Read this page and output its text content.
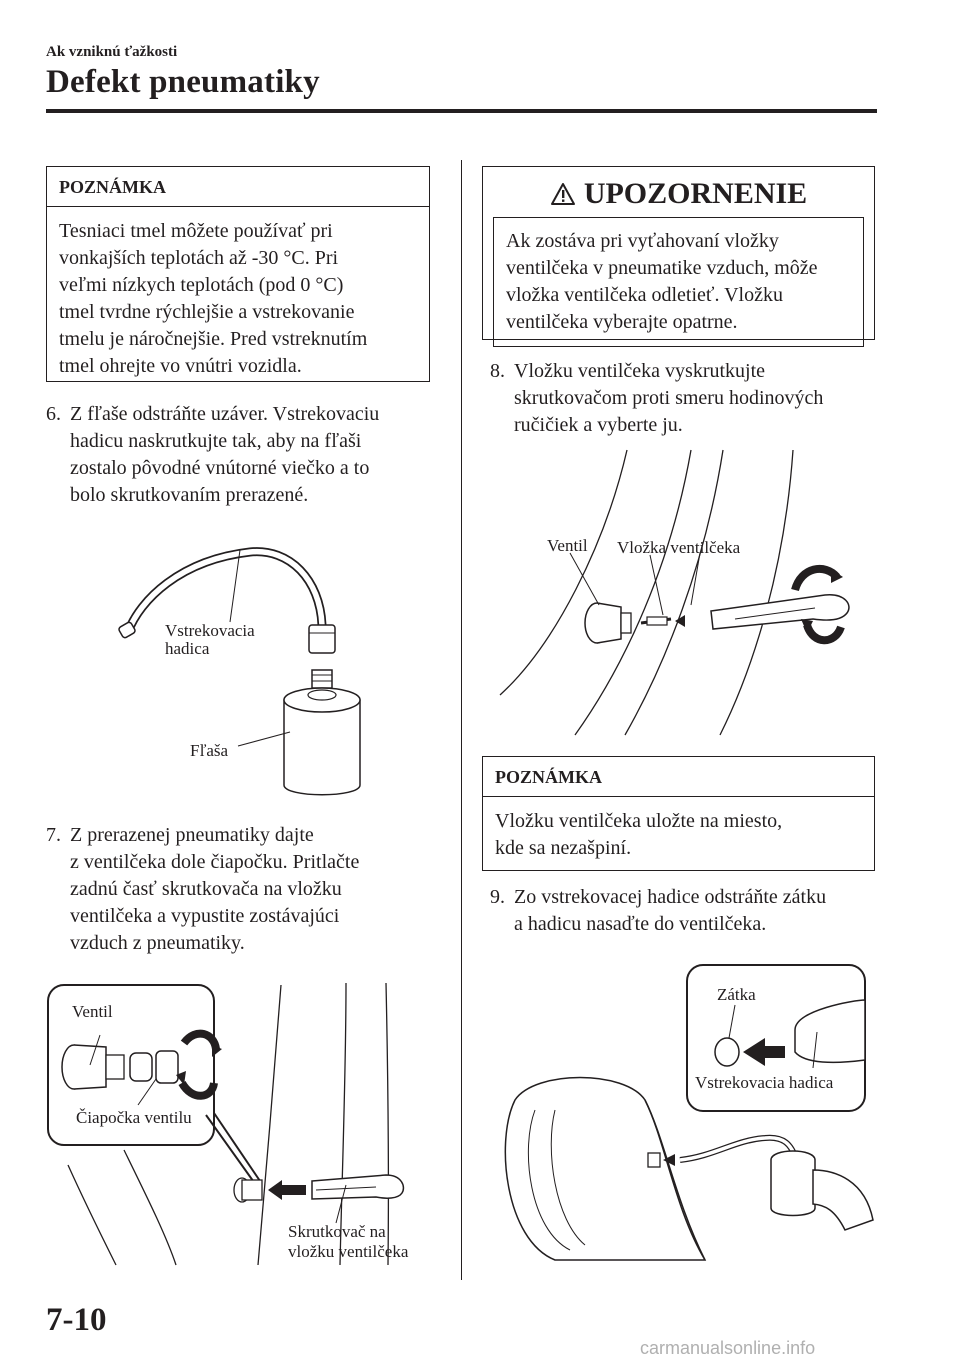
Ak vzniknú ťažkosti
Defekt pneumatiky
POZNÁMKA
Tesniaci tmel môžete používať pri
vonkajších teplotách až -30 °C. Pri
veľmi nízkych teplotách (pod 0 °C)
tmel tvrdne rýchlejšie a vstrekovanie
tmelu je náročnejšie. Pred vstreknutím
tmel ohrejte vo vnútri vozidla.
6. Z fľaše odstráňte uzáver. Vstrekovaciu
hadicu naskrutkujte tak, aby na fľaši
zostalo pôvodné vnútorné viečko a to
bolo skrutkovaním prerazené.
Vstrekovacia
hadica
Fľaša
7. Z prerazenej pneumatiky dajte
z ventilčeka dole čiapočku. Pritlačte
zadnú časť skrutkovača na vložku
ventilčeka a vypustite zostávajúci
vzduch z pneumatiky.
Ventil
Čiapočka ventilu
Skrutkovač na
vložku ventilčeka
UPOZORNENIE
Ak zostáva pri vyťahovaní vložky
ventilčeka v pneumatike vzduch, môže
vložka ventilčeka odletieť. Vložku
ventilčeka vyberajte opatrne.
8. Vložku ventilčeka vyskrutkujte
skrutkovačom proti smeru hodinových
ručičiek a vyberte ju.
Ventil Vložka ventilčeka
POZNÁMKA
Vložku ventilčeka uložte na miesto,
kde sa nezašpiní.
9. Zo vstrekovacej hadice odstráňte zátku
a hadicu nasaďte do ventilčeka.
Zátka
Vstrekovacia hadica
7-10
carmanualsonline.info
